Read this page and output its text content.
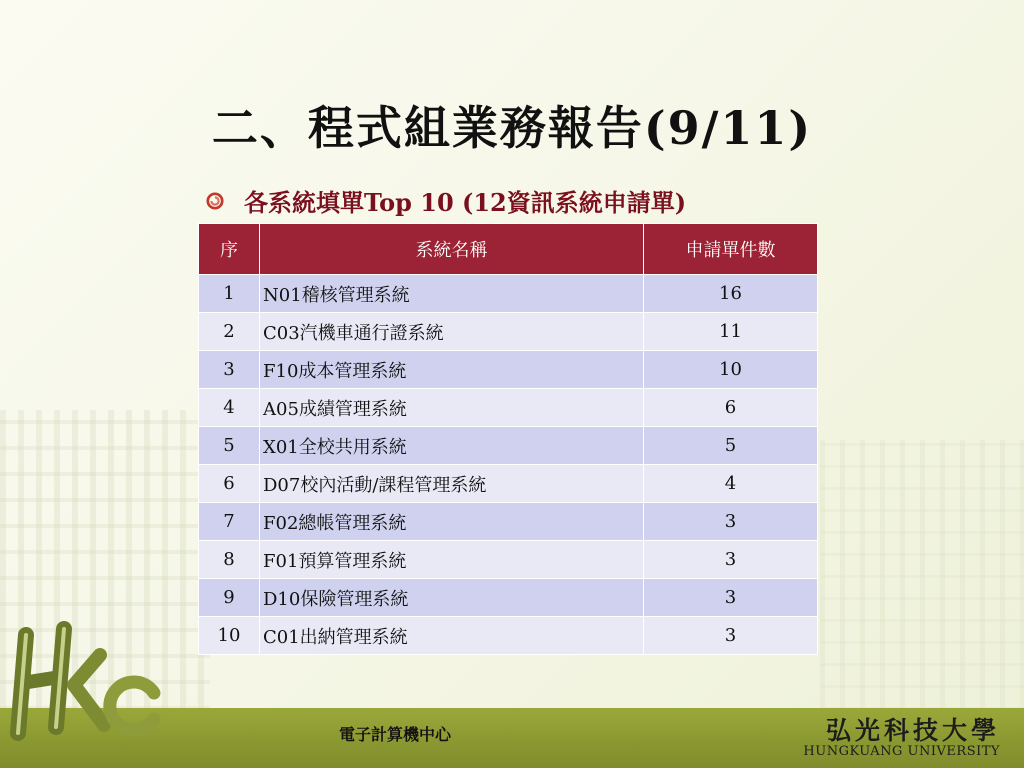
二、程式組業務報告(9/11)
各系統填單Top 10 (12資訊系統申請單)
序	系統名稱	申請單件數
1	N01稽核管理系統	16
2	C03汽機車通行證系統	11
3	F10成本管理系統	10
4	A05成績管理系統	6
5	X01全校共用系統	5
6	D07校內活動/課程管理系統	4
7	F02總帳管理系統	3
8	F01預算管理系統	3
9	D10保險管理系統	3
10	C01出納管理系統	3
電子計算機中心	弘光科技大學
HUNGKUANG UNIVERSITY
